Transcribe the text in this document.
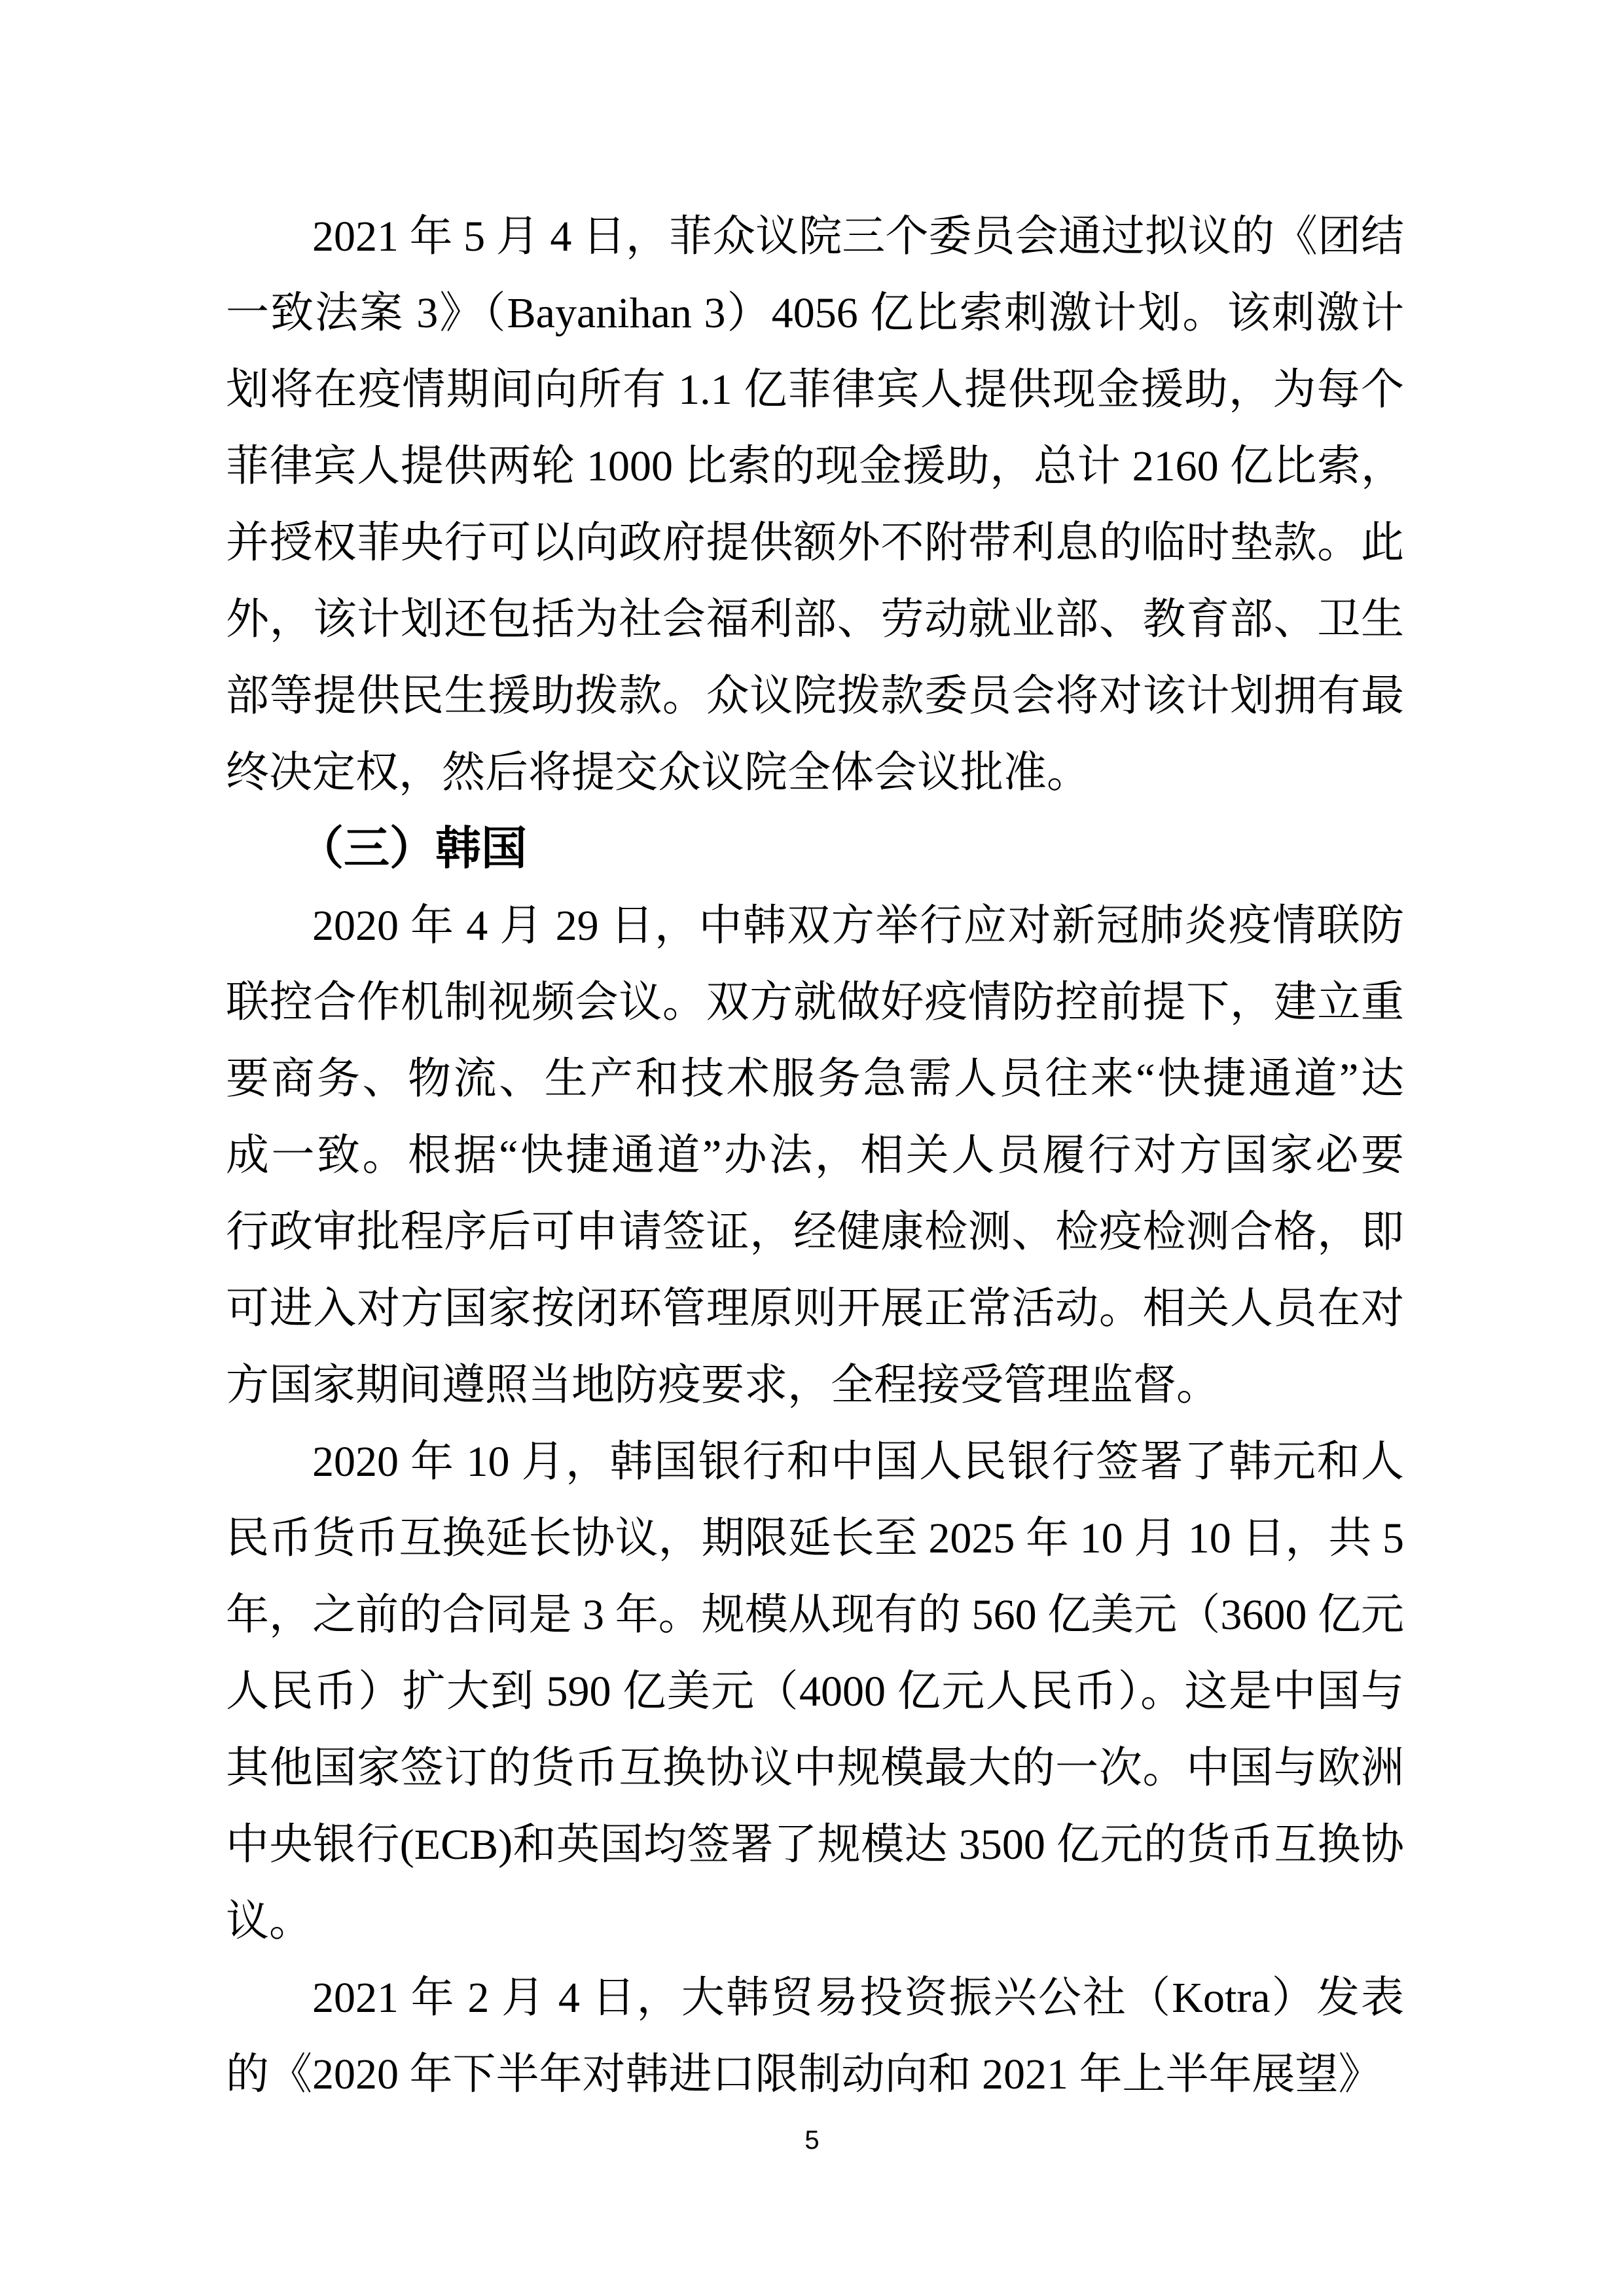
2021 年 5 月 4 日，菲众议院三个委员会通过拟议的《团结
一致法案 3》（Bayanihan 3）4056 亿比索刺激计划。该刺激计
划将在疫情期间向所有 1.1 亿菲律宾人提供现金援助，为每个
菲律宾人提供两轮 1000 比索的现金援助，总计 2160 亿比索，
并授权菲央行可以向政府提供额外不附带利息的临时垫款。此
外，该计划还包括为社会福利部、劳动就业部、教育部、卫生
部等提供民生援助拨款。众议院拨款委员会将对该计划拥有最
终决定权，然后将提交众议院全体会议批准。
（三）韩国
2020 年 4 月 29 日，中韩双方举行应对新冠肺炎疫情联防
联控合作机制视频会议。双方就做好疫情防控前提下，建立重
要商务、物流、生产和技术服务急需人员往来“快捷通道”达
成一致。根据“快捷通道”办法，相关人员履行对方国家必要
行政审批程序后可申请签证，经健康检测、检疫检测合格，即
可进入对方国家按闭环管理原则开展正常活动。相关人员在对
方国家期间遵照当地防疫要求，全程接受管理监督。
2020 年 10 月，韩国银行和中国人民银行签署了韩元和人
民币货币互换延长协议，期限延长至 2025 年 10 月 10 日，共 5
年，之前的合同是 3 年。规模从现有的 560 亿美元（3600 亿元
人民币）扩大到 590 亿美元（4000 亿元人民币）。这是中国与
其他国家签订的货币互换协议中规模最大的一次。中国与欧洲
中央银行(ECB)和英国均签署了规模达 3500 亿元的货币互换协
议。
2021 年 2 月 4 日，大韩贸易投资振兴公社（Kotra）发表
的《2020 年下半年对韩进口限制动向和 2021 年上半年展望》
5
